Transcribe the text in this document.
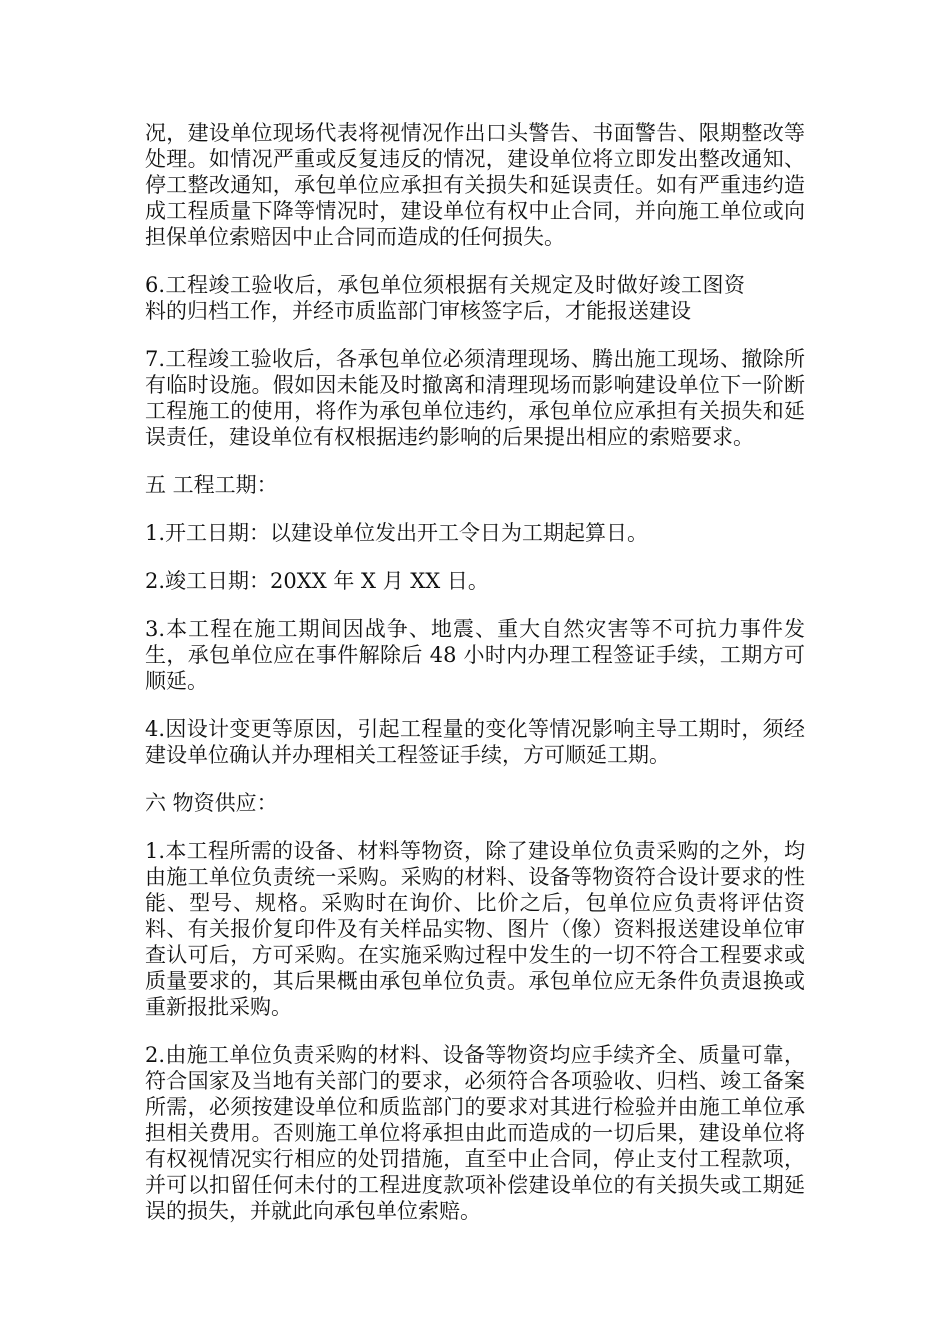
况，建设单位现场代表将视情况作出口头警告、书面警告、限期整改等处理。如情况严重或反复违反的情况，建设单位将立即发出整改通知、停工整改通知，承包单位应承担有关损失和延误责任。如有严重违约造成工程质量下降等情况时，建设单位有权中止合同，并向施工单位或向担保单位索赔因中止合同而造成的任何损失。

6.工程竣工验收后，承包单位须根据有关规定及时做好竣工图资料的归档工作，并经市质监部门审核签字后，才能报送建设

7.工程竣工验收后，各承包单位必须清理现场、腾出施工现场、撤除所有临时设施。假如因未能及时撤离和清理现场而影响建设单位下一阶断工程施工的使用，将作为承包单位违约，承包单位应承担有关损失和延误责任，建设单位有权根据违约影响的后果提出相应的索赔要求。

五 工程工期：

1.开工日期：以建设单位发出开工令日为工期起算日。

2.竣工日期：20XX 年 X 月 XX 日。

3.本工程在施工期间因战争、地震、重大自然灾害等不可抗力事件发生，承包单位应在事件解除后 48 小时内办理工程签证手续，工期方可顺延。

4.因设计变更等原因，引起工程量的变化等情况影响主导工期时，须经建设单位确认并办理相关工程签证手续，方可顺延工期。

六 物资供应：

1.本工程所需的设备、材料等物资，除了建设单位负责采购的之外，均由施工单位负责统一采购。采购的材料、设备等物资符合设计要求的性能、型号、规格。采购时在询价、比价之后，包单位应负责将评估资料、有关报价复印件及有关样品实物、图片（像）资料报送建设单位审查认可后，方可采购。在实施采购过程中发生的一切不符合工程要求或质量要求的，其后果概由承包单位负责。承包单位应无条件负责退换或重新报批采购。

2.由施工单位负责采购的材料、设备等物资均应手续齐全、质量可靠，符合国家及当地有关部门的要求，必须符合各项验收、归档、竣工备案所需，必须按建设单位和质监部门的要求对其进行检验并由施工单位承担相关费用。否则施工单位将承担由此而造成的一切后果，建设单位将有权视情况实行相应的处罚措施，直至中止合同，停止支付工程款项，并可以扣留任何未付的工程进度款项补偿建设单位的有关损失或工期延误的损失，并就此向承包单位索赔。
